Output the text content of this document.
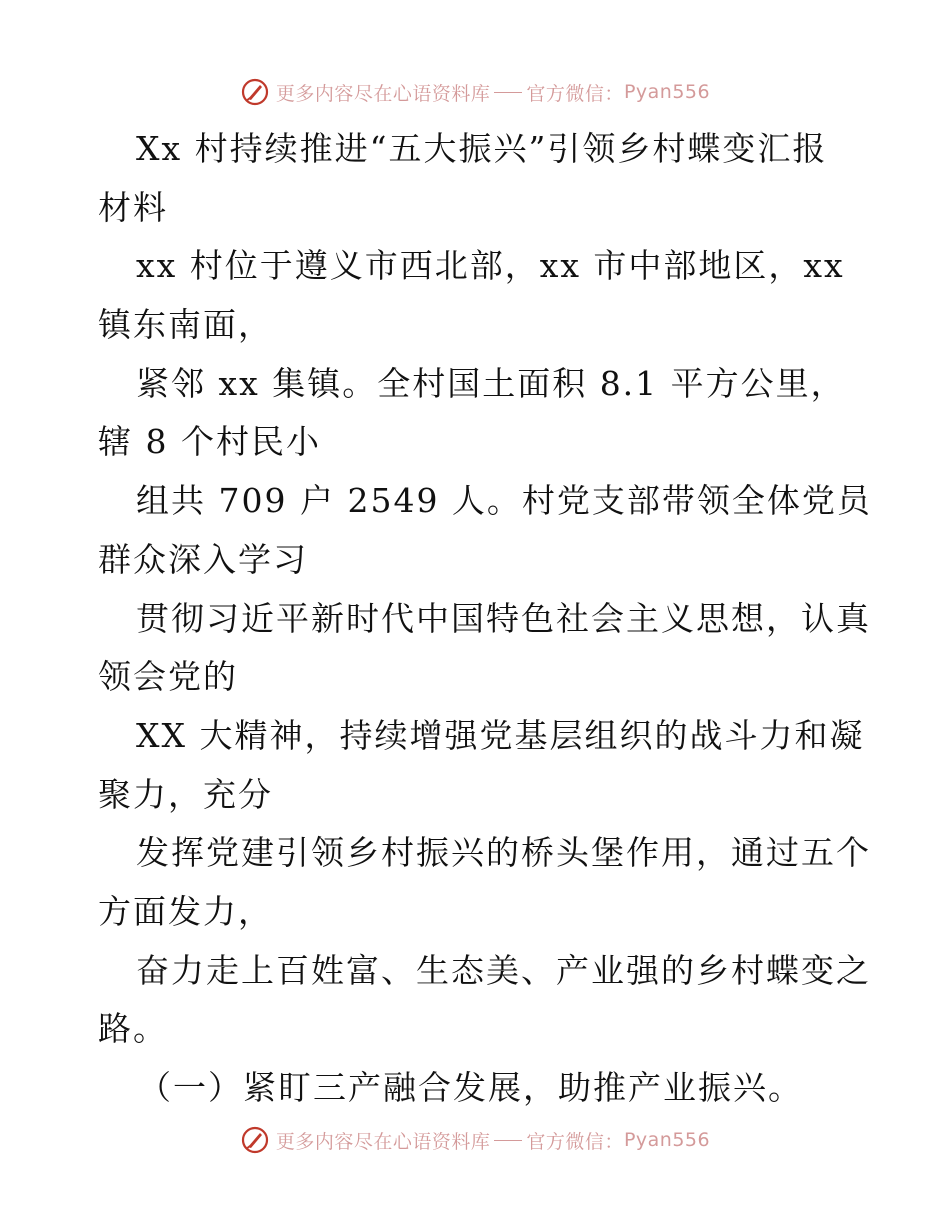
更多内容尽在心语资料库 官方微信： Pyan556
Xx 村持续推进“五大振兴”引领乡村蝶变汇报
材料
xx 村位于遵义市西北部，xx 市中部地区，xx
镇东南面，
紧邻 xx 集镇。全村国土面积 8.1 平方公里，
辖 8 个村民小
组共 709 户 2549 人。村党支部带领全体党员
群众深入学习
贯彻习近平新时代中国特色社会主义思想，认真
领会党的
XX 大精神，持续增强党基层组织的战斗力和凝
聚力，充分
发挥党建引领乡村振兴的桥头堡作用，通过五个
方面发力，
奋力走上百姓富、生态美、产业强的乡村蝶变之
路。
（一）紧盯三产融合发展，助推产业振兴。
更多内容尽在心语资料库 官方微信： Pyan556
